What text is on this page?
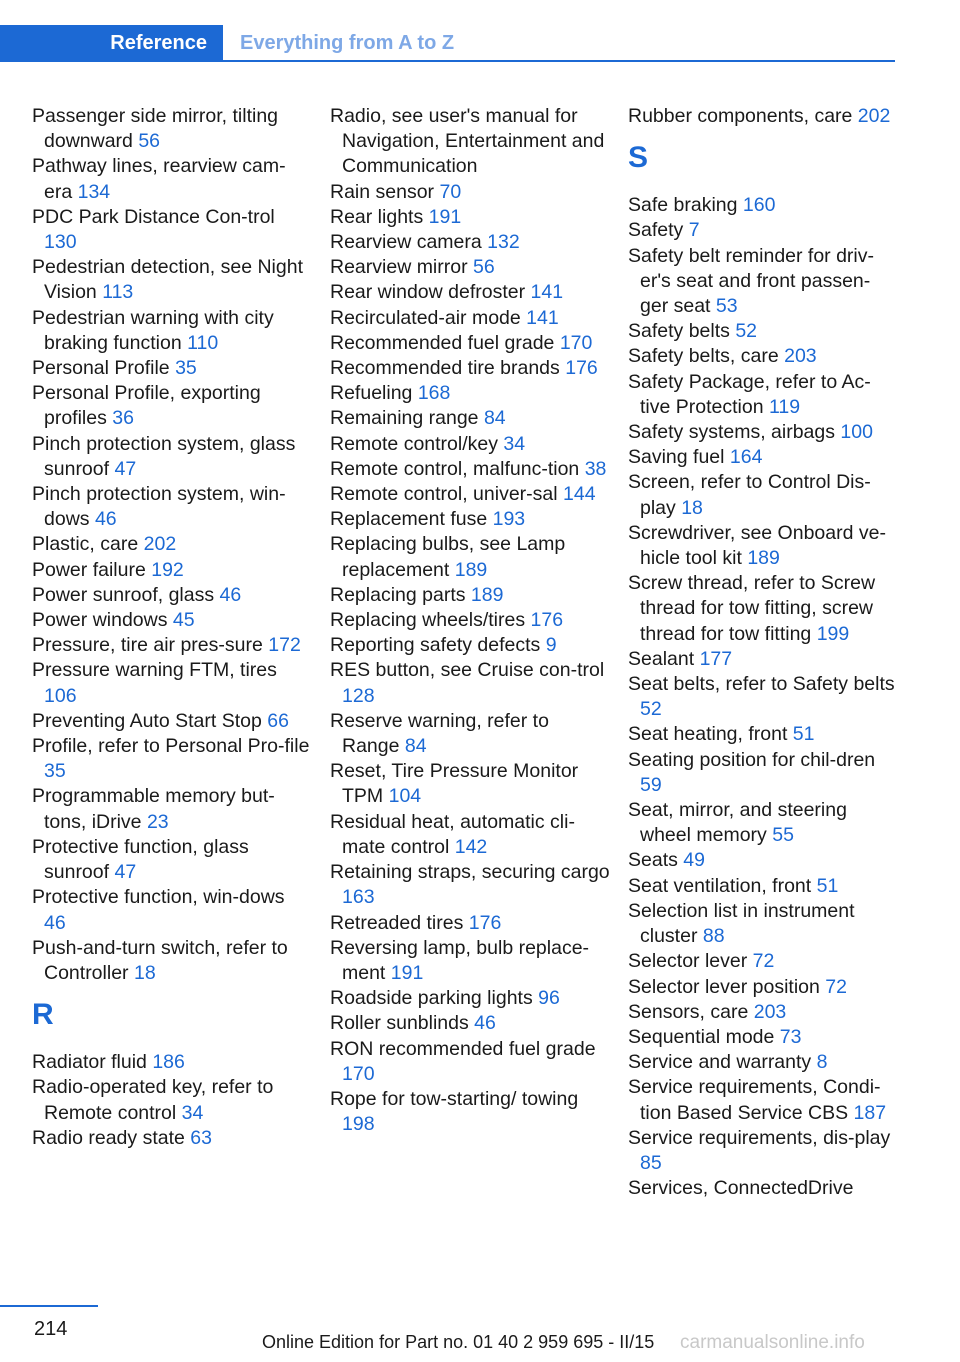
Reference Everything from A to Z
Passenger side mirror, tilting downward 56
Pathway lines, rearview cam-era 134
PDC Park Distance Con-trol 130
Pedestrian detection, see Night Vision 113
Pedestrian warning with city braking function 110
Personal Profile 35
Personal Profile, exporting profiles 36
Pinch protection system, glass sunroof 47
Pinch protection system, win-dows 46
Plastic, care 202
Power failure 192
Power sunroof, glass 46
Power windows 45
Pressure, tire air pres-sure 172
Pressure warning FTM, tires 106
Preventing Auto Start Stop 66
Profile, refer to Personal Pro-file 35
Programmable memory but-tons, iDrive 23
Protective function, glass sunroof 47
Protective function, win-dows 46
Push-and-turn switch, refer to Controller 18
R
Radiator fluid 186
Radio-operated key, refer to Remote control 34
Radio ready state 63
Radio, see user's manual for Navigation, Entertainment and Communication
Rain sensor 70
Rear lights 191
Rearview camera 132
Rearview mirror 56
Rear window defroster 141
Recirculated-air mode 141
Recommended fuel grade 170
Recommended tire brands 176
Refueling 168
Remaining range 84
Remote control/key 34
Remote control, malfunc-tion 38
Remote control, univer-sal 144
Replacement fuse 193
Replacing bulbs, see Lamp replacement 189
Replacing parts 189
Replacing wheels/tires 176
Reporting safety defects 9
RES button, see Cruise con-trol 128
Reserve warning, refer to Range 84
Reset, Tire Pressure Monitor TPM 104
Residual heat, automatic cli-mate control 142
Retaining straps, securing cargo 163
Retreaded tires 176
Reversing lamp, bulb replace-ment 191
Roadside parking lights 96
Roller sunblinds 46
RON recommended fuel grade 170
Rope for tow-starting/ towing 198
Rubber components, care 202
S
Safe braking 160
Safety 7
Safety belt reminder for driv-er's seat and front passen-ger seat 53
Safety belts 52
Safety belts, care 203
Safety Package, refer to Ac-tive Protection 119
Safety systems, airbags 100
Saving fuel 164
Screen, refer to Control Dis-play 18
Screwdriver, see Onboard ve-hicle tool kit 189
Screw thread, refer to Screw thread for tow fitting, screw thread for tow fitting 199
Sealant 177
Seat belts, refer to Safety belts 52
Seat heating, front 51
Seating position for chil-dren 59
Seat, mirror, and steering wheel memory 55
Seats 49
Seat ventilation, front 51
Selection list in instrument cluster 88
Selector lever 72
Selector lever position 72
Sensors, care 203
Sequential mode 73
Service and warranty 8
Service requirements, Condi-tion Based Service CBS 187
Service requirements, dis-play 85
Services, ConnectedDrive
214
Online Edition for Part no. 01 40 2 959 695 - II/15 carmanualsonline.info
